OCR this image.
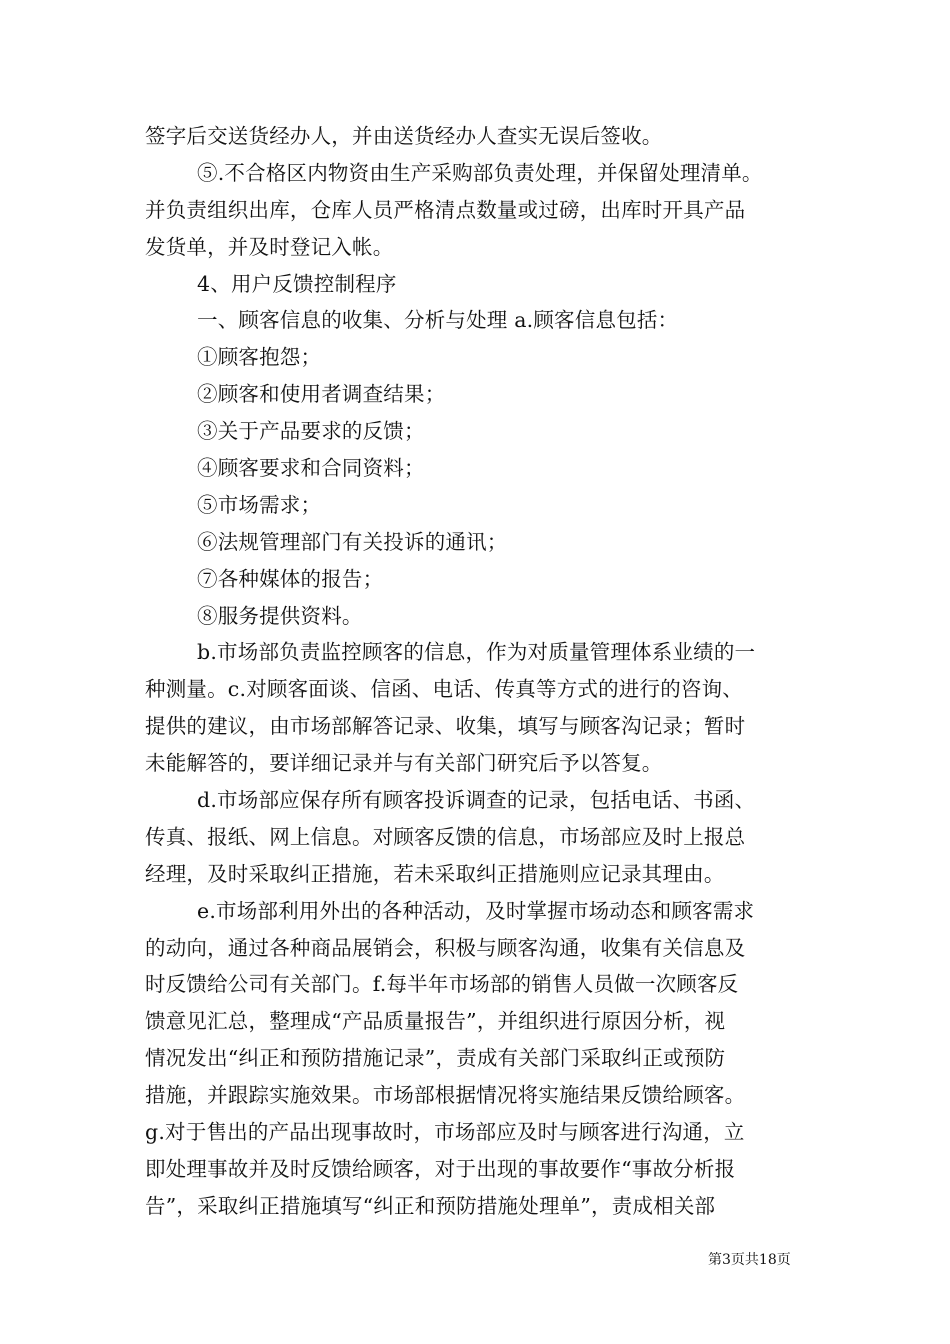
签字后交送货经办人，并由送货经办人查实无误后签收。
⑤.不合格区内物资由生产采购部负责处理，并保留处理清单。
并负责组织出库，仓库人员严格清点数量或过磅，出库时开具产品
发货单，并及时登记入帐。
4、用户反馈控制程序
一、顾客信息的收集、分析与处理 a.顾客信息包括：
①顾客抱怨；
②顾客和使用者调查结果；
③关于产品要求的反馈；
④顾客要求和合同资料；
⑤市场需求；
⑥法规管理部门有关投诉的通讯；
⑦各种媒体的报告；
⑧服务提供资料。
b.市场部负责监控顾客的信息，作为对质量管理体系业绩的一
种测量。c.对顾客面谈、信函、电话、传真等方式的进行的咨询、
提供的建议，由市场部解答记录、收集，填写与顾客沟记录；暂时
未能解答的，要详细记录并与有关部门研究后予以答复。
d.市场部应保存所有顾客投诉调查的记录，包括电话、书函、
传真、报纸、网上信息。对顾客反馈的信息，市场部应及时上报总
经理，及时采取纠正措施，若未采取纠正措施则应记录其理由。
e.市场部利用外出的各种活动，及时掌握市场动态和顾客需求
的动向，通过各种商品展销会，积极与顾客沟通，收集有关信息及
时反馈给公司有关部门。f.每半年市场部的销售人员做一次顾客反
馈意见汇总，整理成“产品质量报告”，并组织进行原因分析，视
情况发出“纠正和预防措施记录”，责成有关部门采取纠正或预防
措施，并跟踪实施效果。市场部根据情况将实施结果反馈给顾客。
g.对于售出的产品出现事故时，市场部应及时与顾客进行沟通，立
即处理事故并及时反馈给顾客，对于出现的事故要作“事故分析报
告”，采取纠正措施填写“纠正和预防措施处理单”，责成相关部
第3页共18页
